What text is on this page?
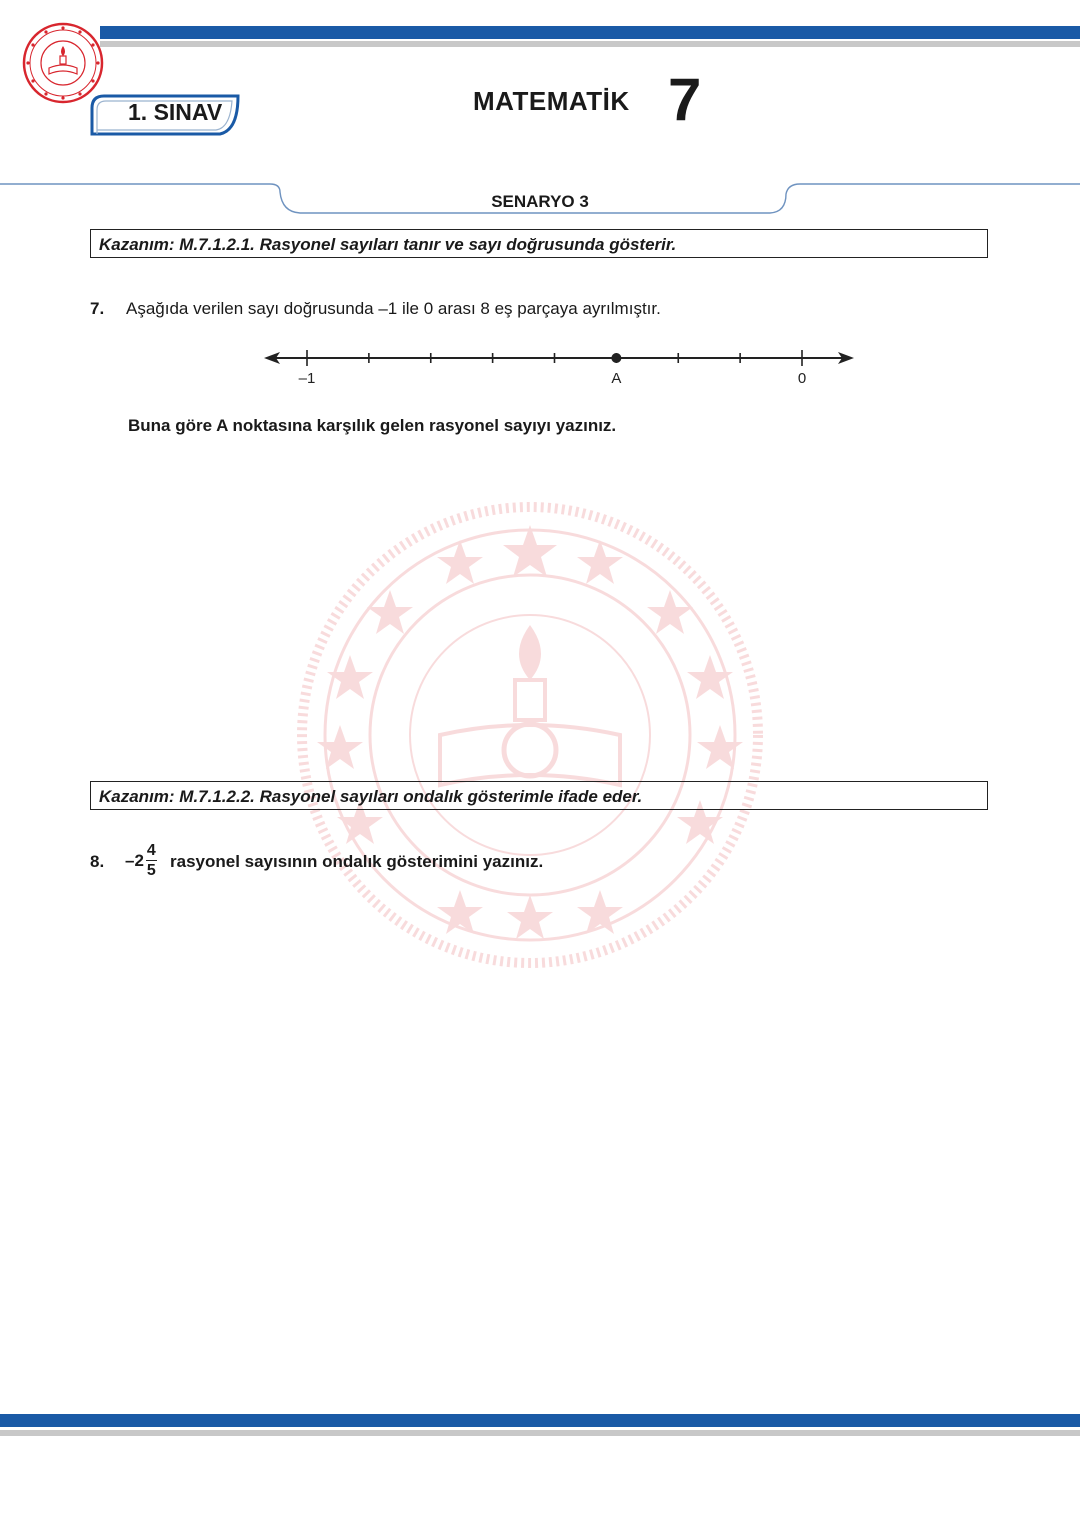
1. SINAV	MATEMATİK 7
SENARYO 3
Kazanım: M.7.1.2.1. Rasyonel sayıları tanır ve sayı doğrusunda gösterir.
7. Aşağıda verilen sayı doğrusunda –1 ile 0 arası 8 eş parçaya ayrılmıştır.
–1	A	0
Buna göre A noktasına karşılık gelen rasyonel sayıyı yazınız.
Kazanım: M.7.1.2.2. Rasyonel sayıları ondalık gösterimle ifade eder.
8. $-2 \frac{4}{5}$ rasyonel sayısının ondalık gösterimini yazınız.
